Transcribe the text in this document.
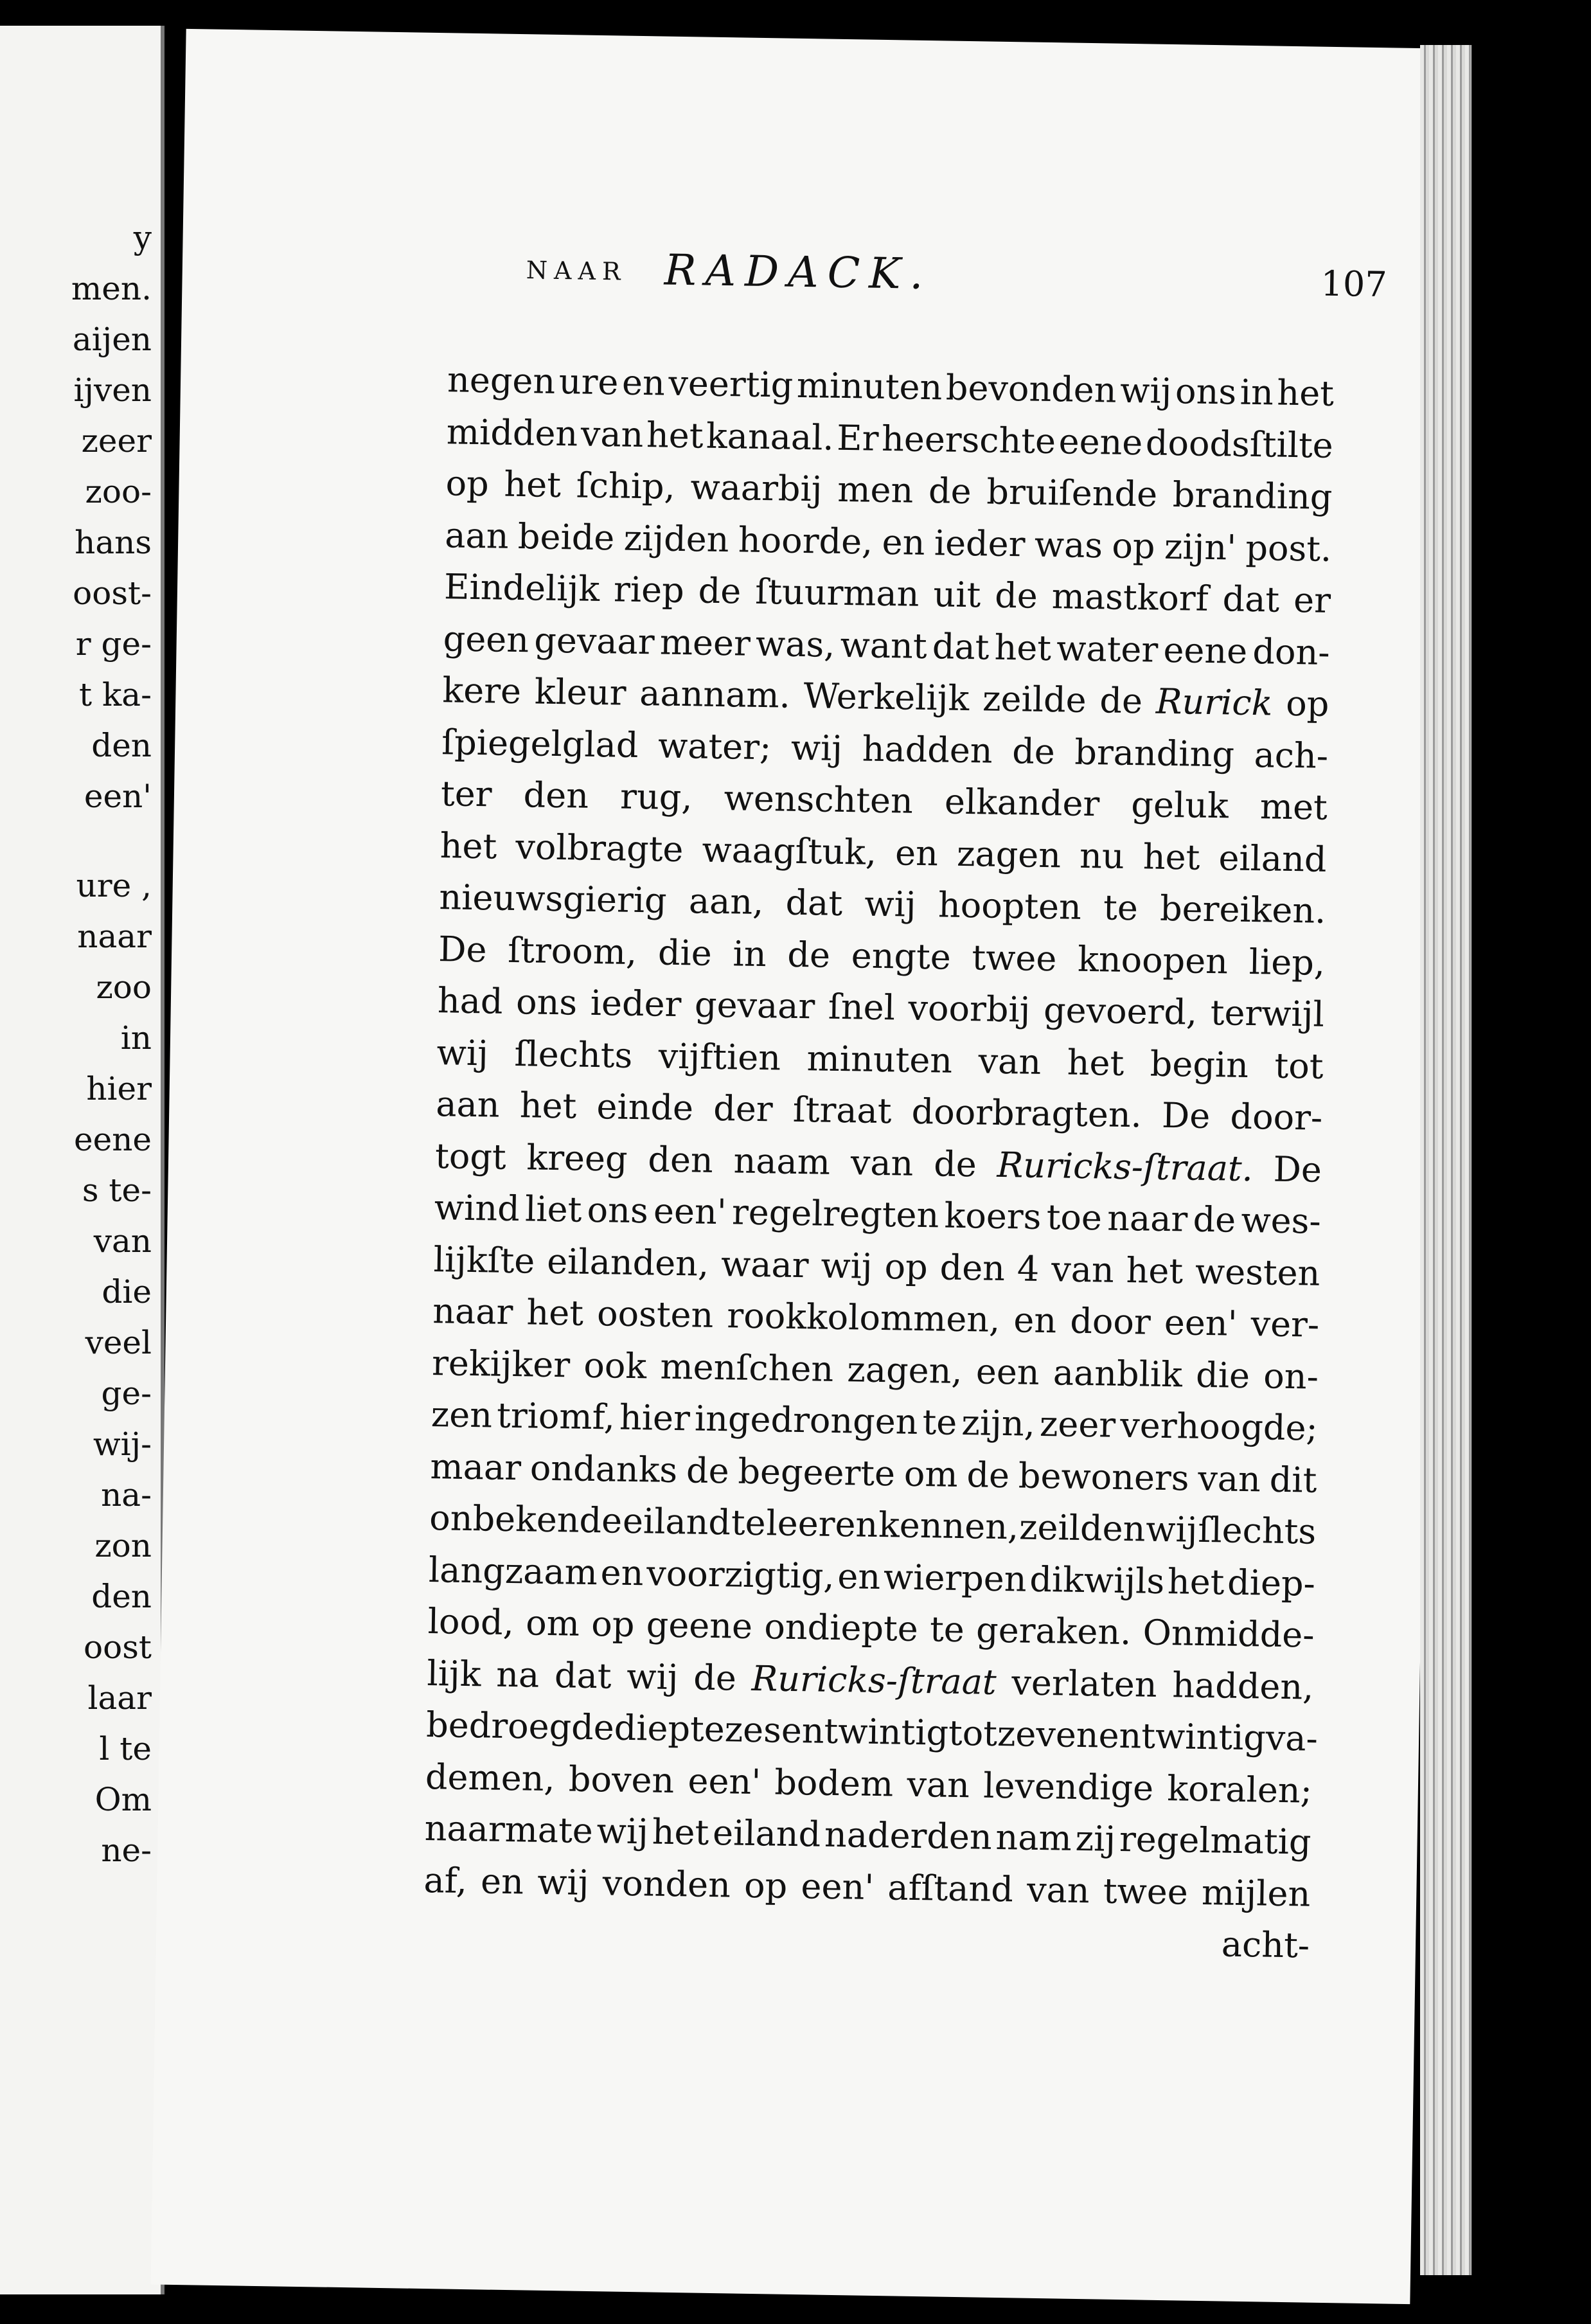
y
men.
aijen
ijven
zeer
zoo-
hans
oost-
r ge-
t ka-
den
een'
ure ,
naar
zoo
in
hier
eene
s te-
van
die
veel
ge-
wij-
na-
zon
den
oost
laar
l te
Om
ne-
NAAR RADACK.	107
negen ure en veertig minuten bevonden wij ons in het
midden van het kanaal. Er heerschte eene doodsſtilte
op het ſchip, waarbij men de bruiſende branding
aan beide zijden hoorde, en ieder was op zijn' post.
Eindelijk riep de ſtuurman uit de mastkorf dat er
geen gevaar meer was, want dat het water eene don-
kere kleur aannam. Werkelijk zeilde de Rurick op
ſpiegelglad water; wij hadden de branding ach-
ter den rug, wenschten elkander geluk met
het volbragte waagſtuk, en zagen nu het eiland
nieuwsgierig aan, dat wij hoopten te bereiken.
De ſtroom, die in de engte twee knoopen liep,
had ons ieder gevaar ſnel voorbij gevoerd, terwijl
wij ſlechts vijftien minuten van het begin tot
aan het einde der ſtraat doorbragten. De door-
togt kreeg den naam van de Ruricks-ſtraat. De
wind liet ons een' regelregten koers toe naar de wes-
lijkſte eilanden, waar wij op den 4 van het westen
naar het oosten rookkolommen, en door een' ver-
rekijker ook menſchen zagen, een aanblik die on-
zen triomf, hier ingedrongen te zijn, zeer verhoogde;
maar ondanks de begeerte om de bewoners van dit
onbekende eiland te leeren kennen, zeilden wij ſlechts
langzaam en voorzigtig, en wierpen dikwijls het diep-
lood, om op geene ondiepte te geraken. Onmidde-
lijk na dat wij de Ruricks-ſtraat verlaten hadden,
bedroeg de diepte zesentwintig tot zevenentwintig va-
demen, boven een' bodem van levendige koralen;
naarmate wij het eiland naderden nam zij regelmatig
af, en wij vonden op een' afſtand van twee mijlen
acht-
